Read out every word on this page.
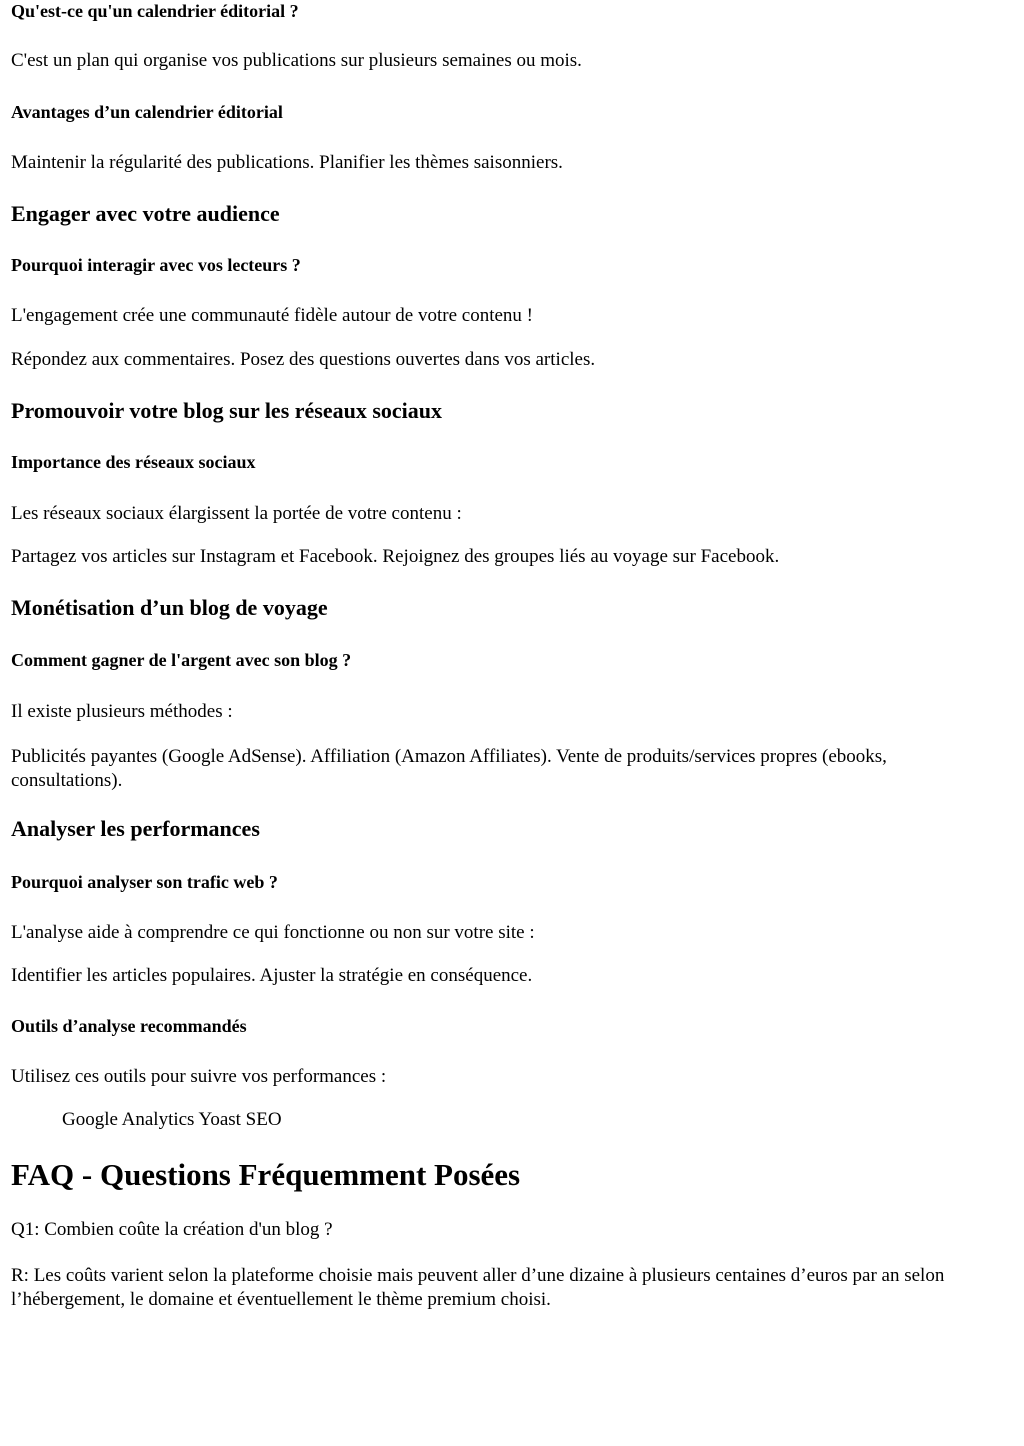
Qu'est-ce qu'un calendrier éditorial ?

C'est un plan qui organise vos publications sur plusieurs semaines ou mois.

Avantages d’un calendrier éditorial

Maintenir la régularité des publications. Planifier les thèmes saisonniers.

Engager avec votre audience
Pourquoi interagir avec vos lecteurs ?

L'engagement crée une communauté fidèle autour de votre contenu !

Répondez aux commentaires. Posez des questions ouvertes dans vos articles.

Promouvoir votre blog sur les réseaux sociaux
Importance des réseaux sociaux

Les réseaux sociaux élargissent la portée de votre contenu :

Partagez vos articles sur Instagram et Facebook. Rejoignez des groupes liés au voyage sur Facebook.

Monétisation d’un blog de voyage
Comment gagner de l'argent avec son blog ?

Il existe plusieurs méthodes :

Publicités payantes (Google AdSense). Affiliation (Amazon Affiliates). Vente de produits/services propres (ebooks, consultations).

Analyser les performances
Pourquoi analyser son trafic web ?

L'analyse aide à comprendre ce qui fonctionne ou non sur votre site :

Identifier les articles populaires. Ajuster la stratégie en conséquence.

Outils d’analyse recommandés

Utilisez ces outils pour suivre vos performances :

Google Analytics Yoast SEO

FAQ - Questions Fréquemment Posées

Q1: Combien coûte la création d'un blog ?

R: Les coûts varient selon la plateforme choisie mais peuvent aller d’une dizaine à plusieurs centaines d’euros par an selon l’hébergement, le domaine et éventuellement le thème premium choisi.
